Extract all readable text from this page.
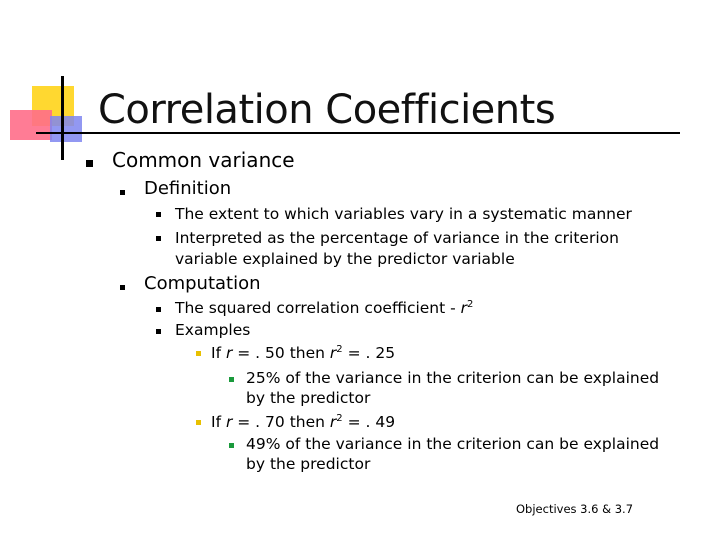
Correlation Coefficients
Common variance
Definition
The extent to which variables vary in a systematic manner
Interpreted as the percentage of variance in the criterion
variable explained by the predictor variable
Computation
The squared correlation coefficient - $r^2$
Examples
If r = . 50 then $r^2$ = . 25
25% of the variance in the criterion can be explained
by the predictor
If r = . 70 then $r^2$ = . 49
49% of the variance in the criterion can be explained
by the predictor
Objectives 3.6 & 3.7
